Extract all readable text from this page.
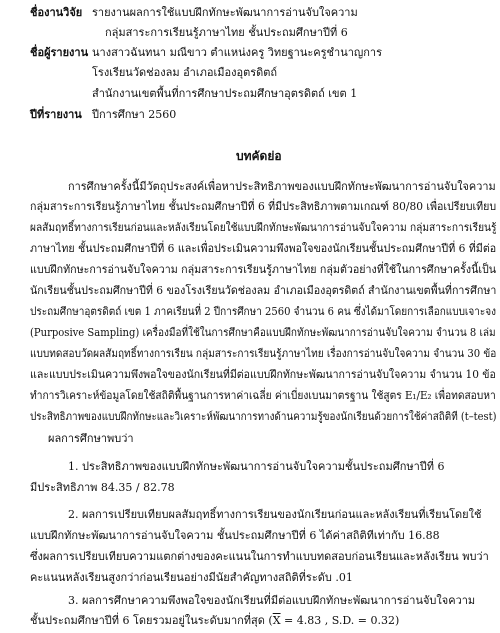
ชื่องานวิจัย รายงานผลการใช้แบบฝึกทักษะพัฒนาการอ่านจับใจความ
กลุ่มสาระการเรียนรู้ภาษาไทย ชั้นประถมศึกษาปีที่ 6
ชื่อผู้รายงาน นางสาวฉันทนา มณีขาว ตำแหน่งครู วิทยฐานะครูชำนาญการ
โรงเรียนวัดช่องลม อำเภอเมืองอุตรดิตถ์
สำนักงานเขตพื้นที่การศึกษาประถมศึกษาอุตรดิตถ์ เขต 1
ปีที่รายงาน ปีการศึกษา 2560
บทคัดย่อ
การศึกษาครั้งนี้มีวัตถุประสงค์เพื่อหาประสิทธิภาพของแบบฝึกทักษะพัฒนาการอ่านจับใจความ
กลุ่มสาระการเรียนรู้ภาษาไทย ชั้นประถมศึกษาปีที่ 6 ที่มีประสิทธิภาพตามเกณฑ์ 80/80 เพื่อเปรียบเทียบ
ผลสัมฤทธิ์ทางการเรียนก่อนและหลังเรียนโดยใช้แบบฝึกทักษะพัฒนาการอ่านจับใจความ กลุ่มสาระการเรียนรู้
ภาษาไทย ชั้นประถมศึกษาปีที่ 6 และเพื่อประเมินความพึงพอใจของนักเรียนชั้นประถมศึกษาปีที่ 6 ที่มีต่อ
แบบฝึกทักษะการอ่านจับใจความ กลุ่มสาระการเรียนรู้ภาษาไทย กลุ่มตัวอย่างที่ใช้ในการศึกษาครั้งนี้เป็น
นักเรียนชั้นประถมศึกษาปีที่ 6 ของโรงเรียนวัดช่องลม อำเภอเมืองอุตรดิตถ์ สำนักงานเขตพื้นที่การศึกษา
ประถมศึกษาอุตรดิตถ์ เขต 1 ภาคเรียนที่ 2 ปีการศึกษา 2560 จำนวน 6 คน ซึ่งได้มาโดยการเลือกแบบเจาะจง
(Purposive Sampling) เครื่องมือที่ใช้ในการศึกษาคือแบบฝึกทักษะพัฒนาการอ่านจับใจความ จำนวน 8 เล่ม
แบบทดสอบวัดผลสัมฤทธิ์ทางการเรียน กลุ่มสาระการเรียนรู้ภาษาไทย เรื่องการอ่านจับใจความ จำนวน 30 ข้อ
และแบบประเมินความพึงพอใจของนักเรียนที่มีต่อแบบฝึกทักษะพัฒนาการอ่านจับใจความ จำนวน 10 ข้อ
ทำการวิเคราะห์ข้อมูลโดยใช้สถิติพื้นฐานการหาค่าเฉลี่ย ค่าเบี่ยงเบนมาตรฐาน ใช้สูตร E₁/E₂ เพื่อทดสอบหา
ประสิทธิภาพของแบบฝึกทักษะและวิเคราะห์พัฒนาการทางด้านความรู้ของนักเรียนด้วยการใช้ค่าสถิติที (t–test)
ผลการศึกษาพบว่า
1. ประสิทธิภาพของแบบฝึกทักษะพัฒนาการอ่านจับใจความชั้นประถมศึกษาปีที่ 6
มีประสิทธิภาพ 84.35 / 82.78
2. ผลการเปรียบเทียบผลสัมฤทธิ์ทางการเรียนของนักเรียนก่อนและหลังเรียนที่เรียนโดยใช้
แบบฝึกทักษะพัฒนาการอ่านจับใจความ ชั้นประถมศึกษาปีที่ 6 ได้ค่าสถิติทีเท่ากับ 16.88
ซึ่งผลการเปรียบเทียบความแตกต่างของคะแนนในการทำแบบทดสอบก่อนเรียนและหลังเรียน พบว่า
คะแนนหลังเรียนสูงกว่าก่อนเรียนอย่างมีนัยสำคัญทางสถิติที่ระดับ .01
3. ผลการศึกษาความพึงพอใจของนักเรียนที่มีต่อแบบฝึกทักษะพัฒนาการอ่านจับใจความ
ชั้นประถมศึกษาปีที่ 6 โดยรวมอยู่ในระดับมากที่สุด ($\overline{X} = 4.83$ , S.D. = 0.32)
